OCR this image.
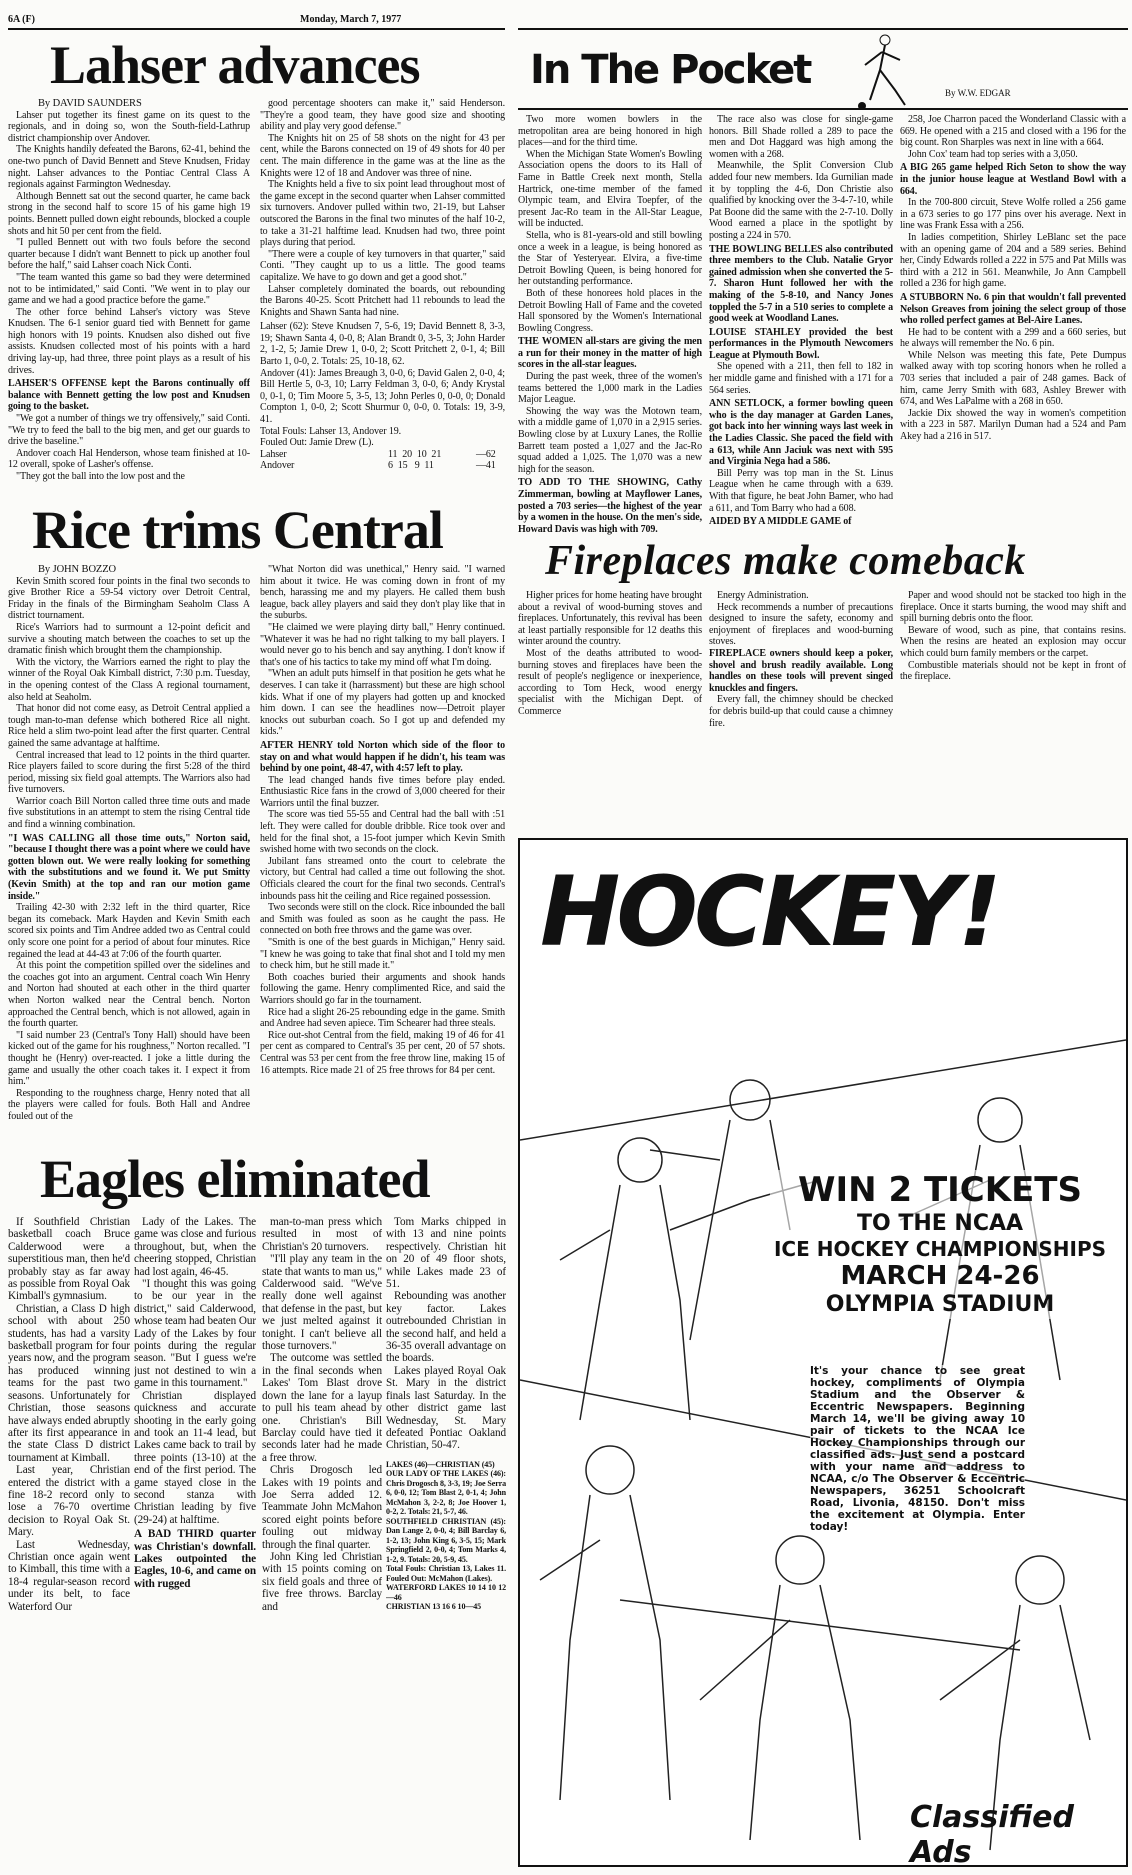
6A (F)	Monday, March 7, 1977
Lahser advances

By DAVID SAUNDERS

Lahser put together its finest game on its quest to the regionals, and in doing so, won the South-field-Lathrup district championship over Andover.

The Knights handily defeated the Barons, 62-41, behind the one-two punch of David Bennett and Steve Knudsen, Friday night. Lahser advances to the Pontiac Central Class A regionals against Farmington Wednesday.

Although Bennett sat out the second quarter, he came back strong in the second half to score 15 of his game high 19 points. Bennett pulled down eight rebounds, blocked a couple shots and hit 50 per cent from the field.

"I pulled Bennett out with two fouls before the second quarter because I didn't want Bennett to pick up another foul before the half," said Lahser coach Nick Conti.

"The team wanted this game so bad they were determined not to be intimidated," said Conti. "We went in to play our game and we had a good practice before the game."

The other force behind Lahser's victory was Steve Knudsen. The 6-1 senior guard tied with Bennett for game high honors with 19 points. Knudsen also dished out five assists. Knudsen collected most of his points with a hard driving lay-up, had three, three point plays as a result of his drives.

LAHSER'S OFFENSE kept the Barons continually off balance with Bennett getting the low post and Knudsen going to the basket.

"We got a number of things we try offensively," said Conti. "We try to feed the ball to the big men, and get our guards to drive the baseline."

Andover coach Hal Henderson, whose team finished at 10-12 overall, spoke of Lasher's offense.

"They got the ball into the low post and the

good percentage shooters can make it," said Henderson. "They're a good team, they have good size and shooting ability and play very good defense."

The Knights hit on 25 of 58 shots on the night for 43 per cent, while the Barons connected on 19 of 49 shots for 40 per cent. The main difference in the game was at the line as the Knights were 12 of 18 and Andover was three of nine.

The Knights held a five to six point lead throughout most of the game except in the second quarter when Lahser committed six turnovers. Andover pulled within two, 21-19, but Lahser outscored the Barons in the final two minutes of the half 10-2, to take a 31-21 halftime lead. Knudsen had two, three point plays during that period.

"There were a couple of key turnovers in that quarter," said Conti. "They caught up to us a little. The good teams capitalize. We have to go down and get a good shot."

Lahser completely dominated the boards, out rebounding the Barons 40-25. Scott Pritchett had 11 rebounds to lead the Knights and Shawn Santa had nine.

Lahser (62): Steve Knudsen 7, 5-6, 19; David Bennett 8, 3-3, 19; Shawn Santa 4, 0-0, 8; Alan Brandt 0, 3-5, 3; John Harder 2, 1-2, 5; Jamie Drew 1, 0-0, 2; Scott Pritchett 2, 0-1, 4; Bill Barto 1, 0-0, 2. Totals: 25, 10-18, 62.

Andover (41): James Breaugh 3, 0-0, 6; David Galen 2, 0-0, 4; Bill Hertle 5, 0-3, 10; Larry Feldman 3, 0-0, 6; Andy Krystal 0, 0-1, 0; Tim Moore 5, 3-5, 13; John Perles 0, 0-0, 0; Donald Compton 1, 0-0, 2; Scott Shurmur 0, 0-0, 0. Totals: 19, 3-9, 41.

Total Fouls: Lahser 13, Andover 19.

Fouled Out: Jamie Drew (L).

Lahser	11  20  10  21	—62
Andover	6  15   9  11	—41
In The Pocket	By W.W. EDGAR

Two more women bowlers in the metropolitan area are being honored in high places—and for the third time.

When the Michigan State Women's Bowling Association opens the doors to its Hall of Fame in Battle Creek next month, Stella Hartrick, one-time member of the famed Olympic team, and Elvira Toepfer, of the present Jac-Ro team in the All-Star League, will be inducted.

Stella, who is 81-years-old and still bowling once a week in a league, is being honored as the Star of Yesteryear. Elvira, a five-time Detroit Bowling Queen, is being honored for her outstanding performance.

Both of these honorees hold places in the Detroit Bowling Hall of Fame and the coveted Hall sponsored by the Women's International Bowling Congress.

THE WOMEN all-stars are giving the men a run for their money in the matter of high scores in the all-star leagues.

During the past week, three of the women's teams bettered the 1,000 mark in the Ladies Major League.

Showing the way was the Motown team, with a middle game of 1,070 in a 2,915 series. Bowling close by at Luxury Lanes, the Rollie Barrett team posted a 1,027 and the Jac-Ro squad added a 1,025. The 1,070 was a new high for the season.

TO ADD TO THE SHOWING, Cathy Zimmerman, bowling at Mayflower Lanes, posted a 703 series—the highest of the year by a women in the house. On the men's side, Howard Davis was high with 709.

The race also was close for single-game honors. Bill Shade rolled a 289 to pace the men and Dot Haggard was high among the women with a 268.

Meanwhile, the Split Conversion Club added four new members. Ida Gurnilian made it by toppling the 4-6, Don Christie also qualified by knocking over the 3-4-7-10, while Pat Boone did the same with the 2-7-10. Dolly Wood earned a place in the spotlight by posting a 224 in 570.

THE BOWLING BELLES also contributed three members to the Club. Natalie Gryor gained admission when she converted the 5-7. Sharon Hunt followed her with the making of the 5-8-10, and Nancy Jones toppled the 5-7 in a 510 series to complete a good week at Woodland Lanes.

LOUISE STAHLEY provided the best performances in the Plymouth Newcomers League at Plymouth Bowl.

She opened with a 211, then fell to 182 in her middle game and finished with a 171 for a 564 series.

ANN SETLOCK, a former bowling queen who is the day manager at Garden Lanes, got back into her winning ways last week in the Ladies Classic. She paced the field with a 613, while Ann Jaciuk was next with 595 and Virginia Nega had a 586.

Bill Perry was top man in the St. Linus League when he came through with a 639. With that figure, he beat John Bamer, who had a 611, and Tom Barry who had a 608.

AIDED BY A MIDDLE GAME of

258, Joe Charron paced the Wonderland Classic with a 669. He opened with a 215 and closed with a 196 for the big count. Ron Sharples was next in line with a 664.

John Cox' team had top series with a 3,050.

A BIG 265 game helped Rich Seton to show the way in the junior house league at Westland Bowl with a 664.

In the 700-800 circuit, Steve Wolfe rolled a 256 game in a 673 series to go 177 pins over his average. Next in line was Frank Essa with a 256.

In ladies competition, Shirley LeBlanc set the pace with an opening game of 204 and a 589 series. Behind her, Cindy Edwards rolled a 222 in 575 and Pat Mills was third with a 212 in 561. Meanwhile, Jo Ann Campbell rolled a 236 for high game.

A STUBBORN No. 6 pin that wouldn't fall prevented Nelson Greaves from joining the select group of those who rolled perfect games at Bel-Aire Lanes.

He had to be content with a 299 and a 660 series, but he always will remember the No. 6 pin.

While Nelson was meeting this fate, Pete Dumpus walked away with top scoring honors when he rolled a 703 series that included a pair of 248 games. Back of him, came Jerry Smith with 683, Ashley Brewer with 674, and Wes LaPalme with a 268 in 650.

Jackie Dix showed the way in women's competition with a 223 in 587. Marilyn Duman had a 524 and Pam Akey had a 216 in 517.

Rice trims Central

By JOHN BOZZO

Kevin Smith scored four points in the final two seconds to give Brother Rice a 59-54 victory over Detroit Central, Friday in the finals of the Birmingham Seaholm Class A district tournament.

Rice's Warriors had to surmount a 12-point deficit and survive a shouting match between the coaches to set up the dramatic finish which brought them the championship.

With the victory, the Warriors earned the right to play the winner of the Royal Oak Kimball district, 7:30 p.m. Tuesday, in the opening contest of the Class A regional tournament, also held at Seaholm.

That honor did not come easy, as Detroit Central applied a tough man-to-man defense which bothered Rice all night. Rice held a slim two-point lead after the first quarter. Central gained the same advantage at halftime.

Central increased that lead to 12 points in the third quarter. Rice players failed to score during the first 5:28 of the third period, missing six field goal attempts. The Warriors also had five turnovers.

Warrior coach Bill Norton called three time outs and made five substitutions in an attempt to stem the rising Central tide and find a winning combination.

"I WAS CALLING all those time outs," Norton said, "because I thought there was a point where we could have gotten blown out. We were really looking for something with the substitutions and we found it. We put Smitty (Kevin Smith) at the top and ran our motion game inside."

Trailing 42-30 with 2:32 left in the third quarter, Rice began its comeback. Mark Hayden and Kevin Smith each scored six points and Tim Andree added two as Central could only score one point for a period of about four minutes. Rice regained the lead at 44-43 at 7:06 of the fourth quarter.

At this point the competition spilled over the sidelines and the coaches got into an argument. Central coach Win Henry and Norton had shouted at each other in the third quarter when Norton walked near the Central bench. Norton approached the Central bench, which is not allowed, again in the fourth quarter.

"I said number 23 (Central's Tony Hall) should have been kicked out of the game for his roughness," Norton recalled. "I thought he (Henry) over-reacted. I joke a little during the game and usually the other coach takes it. I expect it from him."

Responding to the roughness charge, Henry noted that all the players were called for fouls. Both Hall and Andree fouled out of the

"What Norton did was unethical," Henry said. "I warned him about it twice. He was coming down in front of my bench, harassing me and my players. He called them bush league, back alley players and said they don't play like that in the suburbs.

"He claimed we were playing dirty ball," Henry continued. "Whatever it was he had no right talking to my ball players. I would never go to his bench and say anything. I don't know if that's one of his tactics to take my mind off what I'm doing.

"When an adult puts himself in that position he gets what he deserves. I can take it (harrassment) but these are high school kids. What if one of my players had gotten up and knocked him down. I can see the headlines now—Detroit player knocks out suburban coach. So I got up and defended my kids."

AFTER HENRY told Norton which side of the floor to stay on and what would happen if he didn't, his team was behind by one point, 48-47, with 4:57 left to play.

The lead changed hands five times before play ended. Enthusiastic Rice fans in the crowd of 3,000 cheered for their Warriors until the final buzzer.

The score was tied 55-55 and Central had the ball with :51 left. They were called for double dribble. Rice took over and held for the final shot, a 15-foot jumper which Kevin Smith swished home with two seconds on the clock.

Jubilant fans streamed onto the court to celebrate the victory, but Central had called a time out following the shot. Officials cleared the court for the final two seconds. Central's inbounds pass hit the ceiling and Rice regained possession.

Two seconds were still on the clock. Rice inbounded the ball and Smith was fouled as soon as he caught the pass. He connected on both free throws and the game was over.

"Smith is one of the best guards in Michigan," Henry said. "I knew he was going to take that final shot and I told my men to check him, but he still made it."

Both coaches buried their arguments and shook hands following the game. Henry complimented Rice, and said the Warriors should go far in the tournament.

Rice had a slight 26-25 rebounding edge in the game. Smith and Andree had seven apiece. Tim Schearer had three steals.

Rice out-shot Central from the field, making 19 of 46 for 41 per cent as compared to Central's 35 per cent, 20 of 57 shots. Central was 53 per cent from the free throw line, making 15 of 16 attempts. Rice made 21 of 25 free throws for 84 per cent.

Fireplaces make comeback

Higher prices for home heating have brought about a revival of wood-burning stoves and fireplaces. Unfortunately, this revival has been at least partially responsible for 12 deaths this winter around the country.

Most of the deaths attributed to wood-burning stoves and fireplaces have been the result of people's negligence or inexperience, according to Tom Heck, wood energy specialist with the Michigan Dept. of Commerce

Energy Administration.

Heck recommends a number of precautions designed to insure the safety, economy and enjoyment of fireplaces and wood-burning stoves.

FIREPLACE owners should keep a poker, shovel and brush readily available. Long handles on these tools will prevent singed knuckles and fingers.

Every fall, the chimney should be checked for debris build-up that could cause a chimney fire.

Paper and wood should not be stacked too high in the fireplace. Once it starts burning, the wood may shift and spill burning debris onto the floor.

Beware of wood, such as pine, that contains resins. When the resins are heated an explosion may occur which could burn family members or the carpet.

Combustible materials should not be kept in front of the fireplace.

HOCKEY!
WIN 2 TICKETS
TO THE NCAA
ICE HOCKEY CHAMPIONSHIPS
MARCH 24-26
OLYMPIA STADIUM
It's your chance to see great hockey, compliments of Olympia Stadium and the Observer & Eccentric Newspapers. Beginning March 14, we'll be giving away 10 pair of tickets to the NCAA Ice Hockey Championships through our classified ads. Just send a postcard with your name and address to NCAA, c/o The Observer & Eccentric Newspapers, 36251 Schoolcraft Road, Livonia, 48150. Don't miss the excitement at Olympia. Enter today!
Classified Ads
Eagles eliminated

If Southfield Christian basketball coach Bruce Calderwood were a superstitious man, then he'd probably stay as far away as possible from Royal Oak Kimball's gymnasium.

Christian, a Class D high school with about 250 students, has had a varsity basketball program for four years now, and the program has produced winning teams for the past two seasons. Unfortunately for Christian, those seasons have always ended abruptly after its first appearance in the state Class D district tournament at Kimball.

Last year, Christian entered the district with a fine 18-2 record only to lose a 76-70 overtime decision to Royal Oak St. Mary.

Last Wednesday, Christian once again went to Kimball, this time with a 18-4 regular-season record under its belt, to face Waterford Our

Lady of the Lakes. The game was close and furious throughout, but, when the cheering stopped, Christian had lost again, 46-45.

"I thought this was going to be our year in the district," said Calderwood, whose team had beaten Our Lady of the Lakes by four points during the regular season. "But I guess we're just not destined to win a game in this tournament."

Christian displayed quickness and accurate shooting in the early going and took an 11-4 lead, but Lakes came back to trail by three points (13-10) at the end of the first period. The game stayed close in the second stanza with Christian leading by five (29-24) at halftime.

A BAD THIRD quarter was Christian's downfall. Lakes outpointed the Eagles, 10-6, and came on with rugged

man-to-man press which resulted in most of Christian's 20 turnovers.

"I'll play any team in the state that wants to man us," Calderwood said. "We've really done well against that defense in the past, but we just melted against it tonight. I can't believe all those turnovers."

The outcome was settled in the final seconds when Lakes' Tom Blast drove down the lane for a layup to pull his team ahead by one. Christian's Bill Barclay could have tied it seconds later had he made a free throw.

Chris Drogosch led Lakes with 19 points and Joe Serra added 12. Teammate John McMahon scored eight points before fouling out midway through the final quarter.

John King led Christian with 15 points coming on six field goals and three of five free throws. Barclay and

Tom Marks chipped in with 13 and nine points respectively. Christian hit on 20 of 49 floor shots, while Lakes made 23 of 51.

Rebounding was another key factor. Lakes outrebounded Christian in the second half, and held a 36-35 overall advantage on the boards.

Lakes played Royal Oak St. Mary in the district finals last Saturday. In the other district game last Wednesday, St. Mary defeated Pontiac Oakland Christian, 50-47.

LAKES (46)—CHRISTIAN (45)

OUR LADY OF THE LAKES (46): Chris Drogosch 8, 3-3, 19; Joe Serra 6, 0-0, 12; Tom Blast 2, 0-1, 4; John McMahon 3, 2-2, 8; Joe Hoover 1, 0-2, 2. Totals: 21, 5-7, 46.

SOUTHFIELD CHRISTIAN (45): Dan Lange 2, 0-0, 4; Bill Barclay 6, 1-2, 13; John King 6, 3-5, 15; Mark Springfield 2, 0-0, 4; Tom Marks 4, 1-2, 9. Totals: 20, 5-9, 45.

Total Fouls: Christian 13, Lakes 11. Fouled Out: McMahon (Lakes).

WATERFORD LAKES 10 14 10 12—46

CHRISTIAN 13 16 6 10—45
